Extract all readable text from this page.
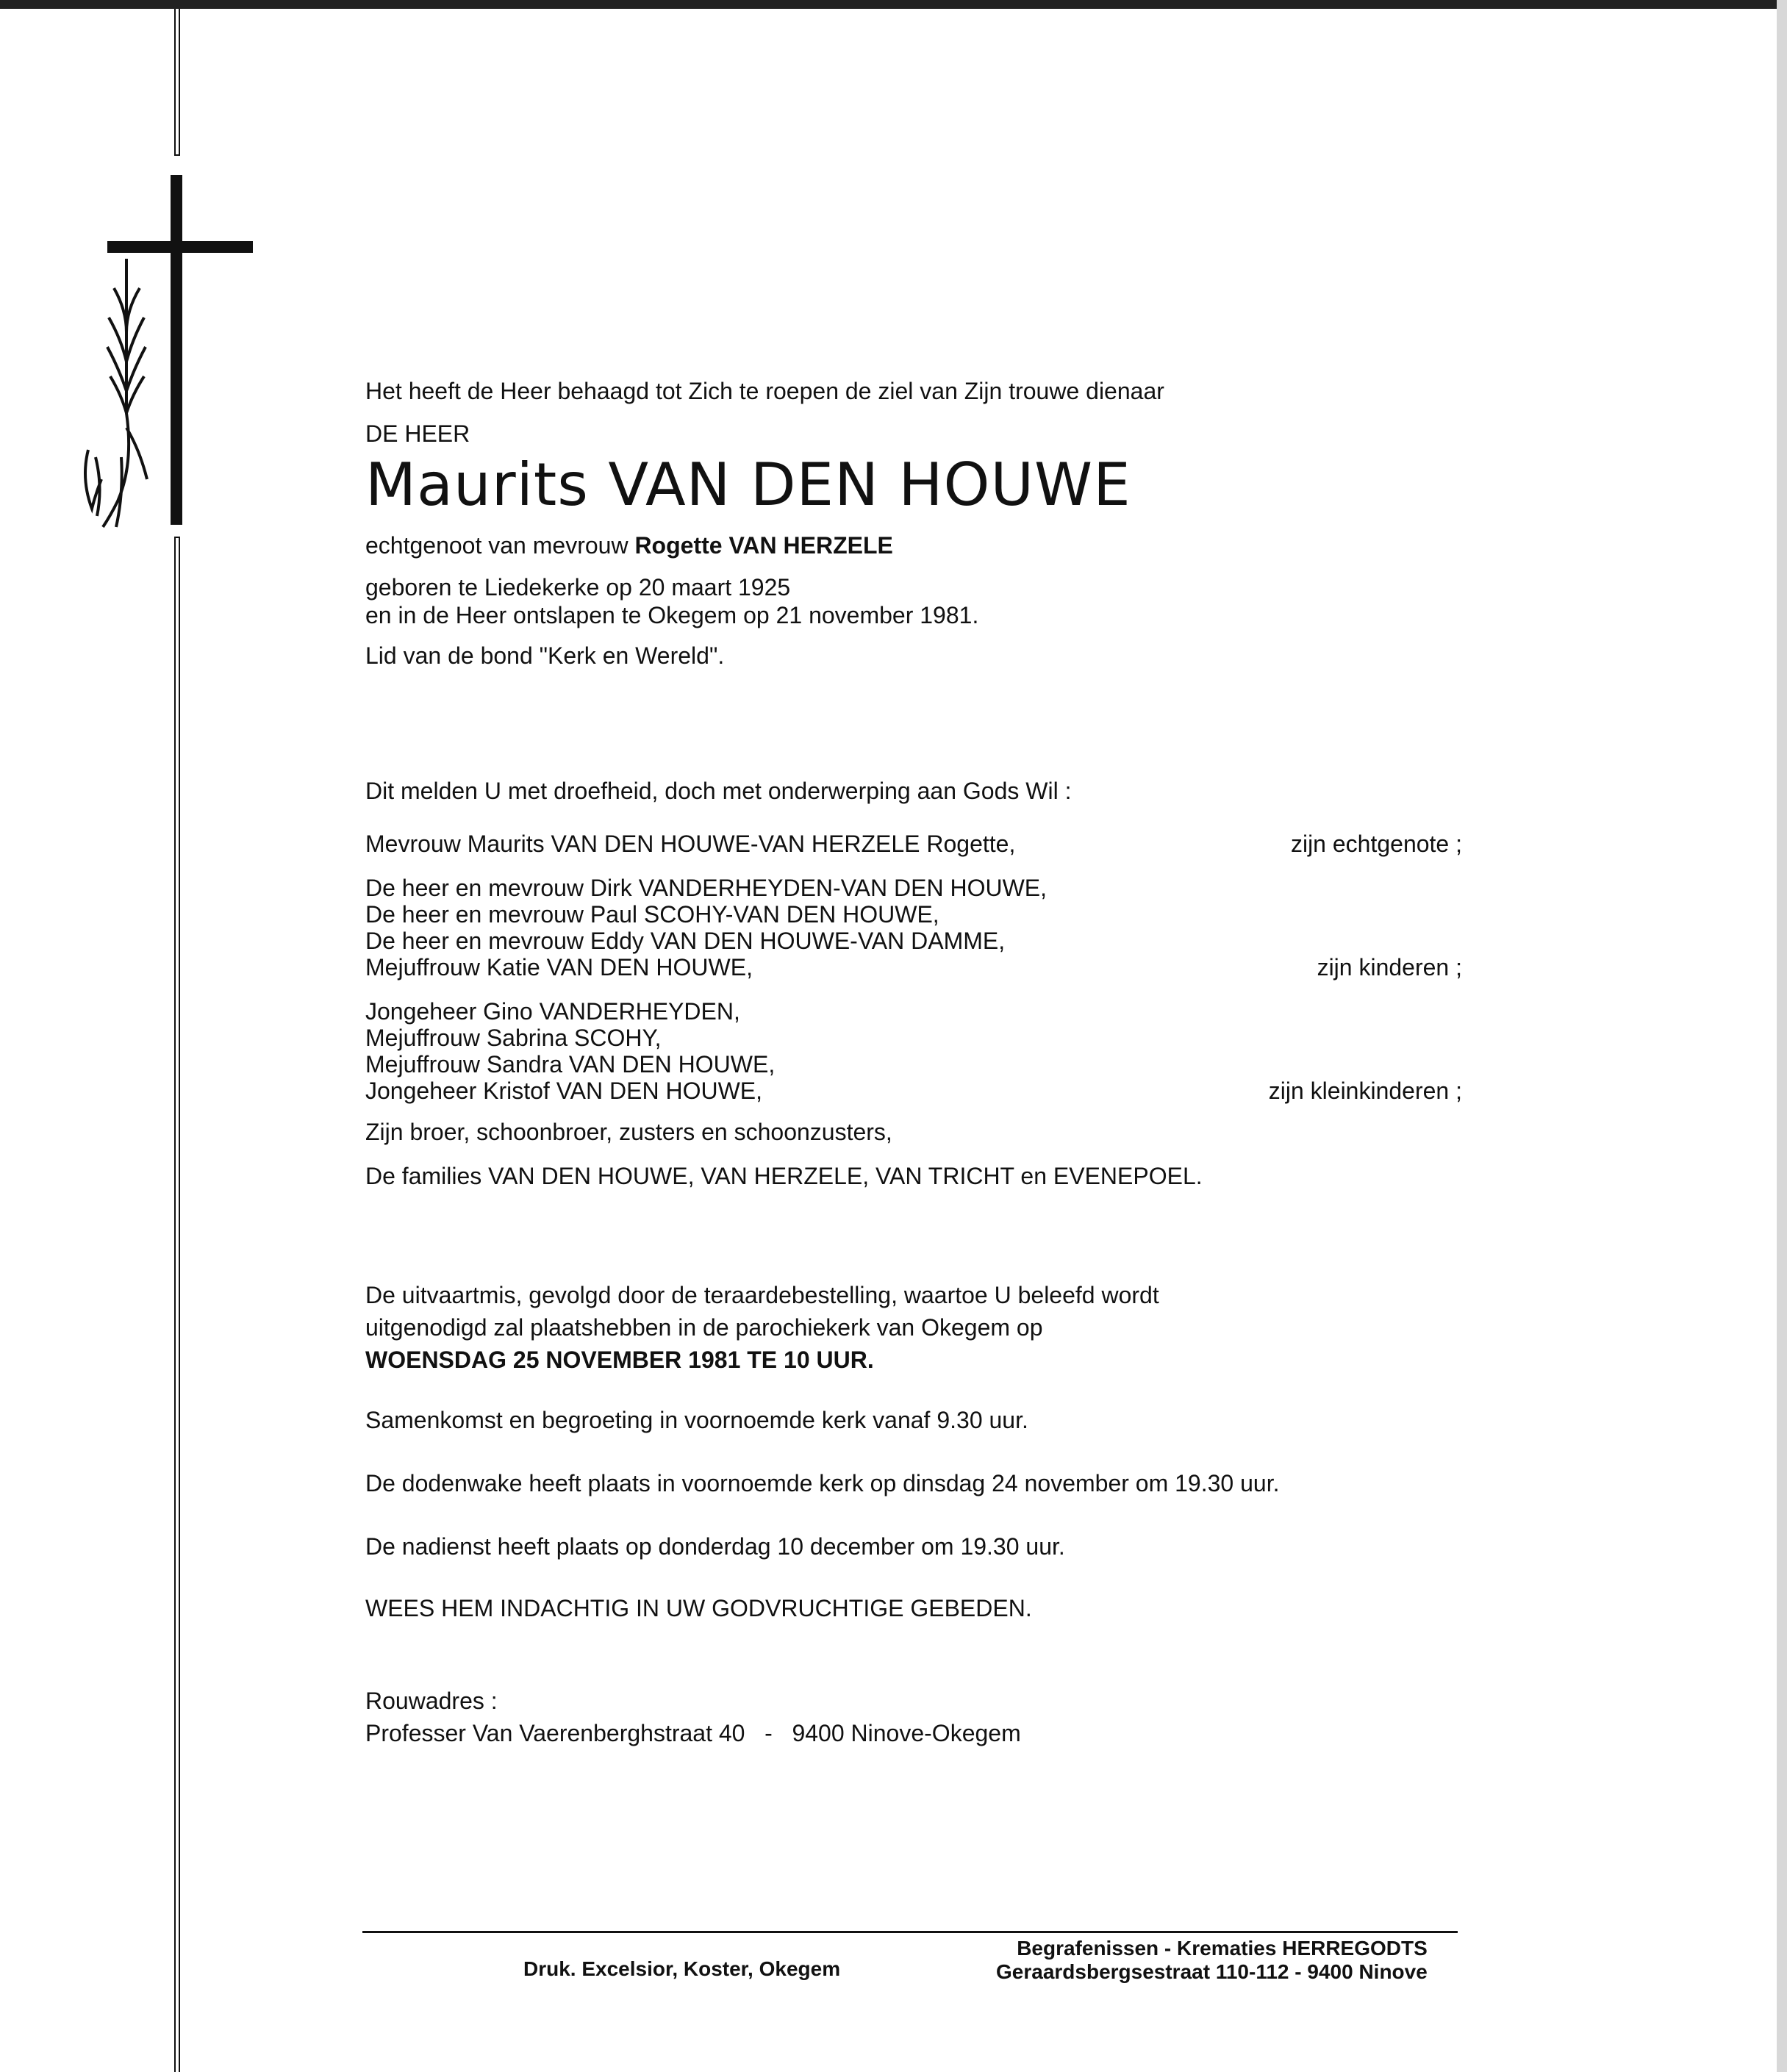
Het heeft de Heer behaagd tot Zich te roepen de ziel van Zijn trouwe dienaar
DE HEER
Maurits VAN DEN HOUWE
echtgenoot van mevrouw Rogette VAN HERZELE
geboren te Liedekerke op 20 maart 1925
en in de Heer ontslapen te Okegem op 21 november 1981.
Lid van de bond "Kerk en Wereld".
Dit melden U met droefheid, doch met onderwerping aan Gods Wil :
Mevrouw Maurits VAN DEN HOUWE-VAN HERZELE Rogette,	zijn echtgenote ;
De heer en mevrouw Dirk VANDERHEYDEN-VAN DEN HOUWE,
De heer en mevrouw Paul SCOHY-VAN DEN HOUWE,
De heer en mevrouw Eddy VAN DEN HOUWE-VAN DAMME,
Mejuffrouw Katie VAN DEN HOUWE,	zijn kinderen ;
Jongeheer Gino VANDERHEYDEN,
Mejuffrouw Sabrina SCOHY,
Mejuffrouw Sandra VAN DEN HOUWE,
Jongeheer Kristof VAN DEN HOUWE,	zijn kleinkinderen ;
Zijn broer, schoonbroer, zusters en schoonzusters,
De families VAN DEN HOUWE, VAN HERZELE, VAN TRICHT en EVENEPOEL.
De uitvaartmis, gevolgd door de teraardebestelling, waartoe U beleefd wordt
uitgenodigd zal plaatshebben in de parochiekerk van Okegem op
WOENSDAG 25 NOVEMBER 1981 TE 10 UUR.
Samenkomst en begroeting in voornoemde kerk vanaf 9.30 uur.
De dodenwake heeft plaats in voornoemde kerk op dinsdag 24 november om 19.30 uur.
De nadienst heeft plaats op donderdag 10 december om 19.30 uur.
WEES HEM INDACHTIG IN UW GODVRUCHTIGE GEBEDEN.
Rouwadres :
Professer Van Vaerenberghstraat 40   -   9400 Ninove-Okegem
Druk. Excelsior, Koster, Okegem
Begrafenissen - Krematies HERREGODTS
Geraardsbergsestraat 110-112 - 9400 Ninove
